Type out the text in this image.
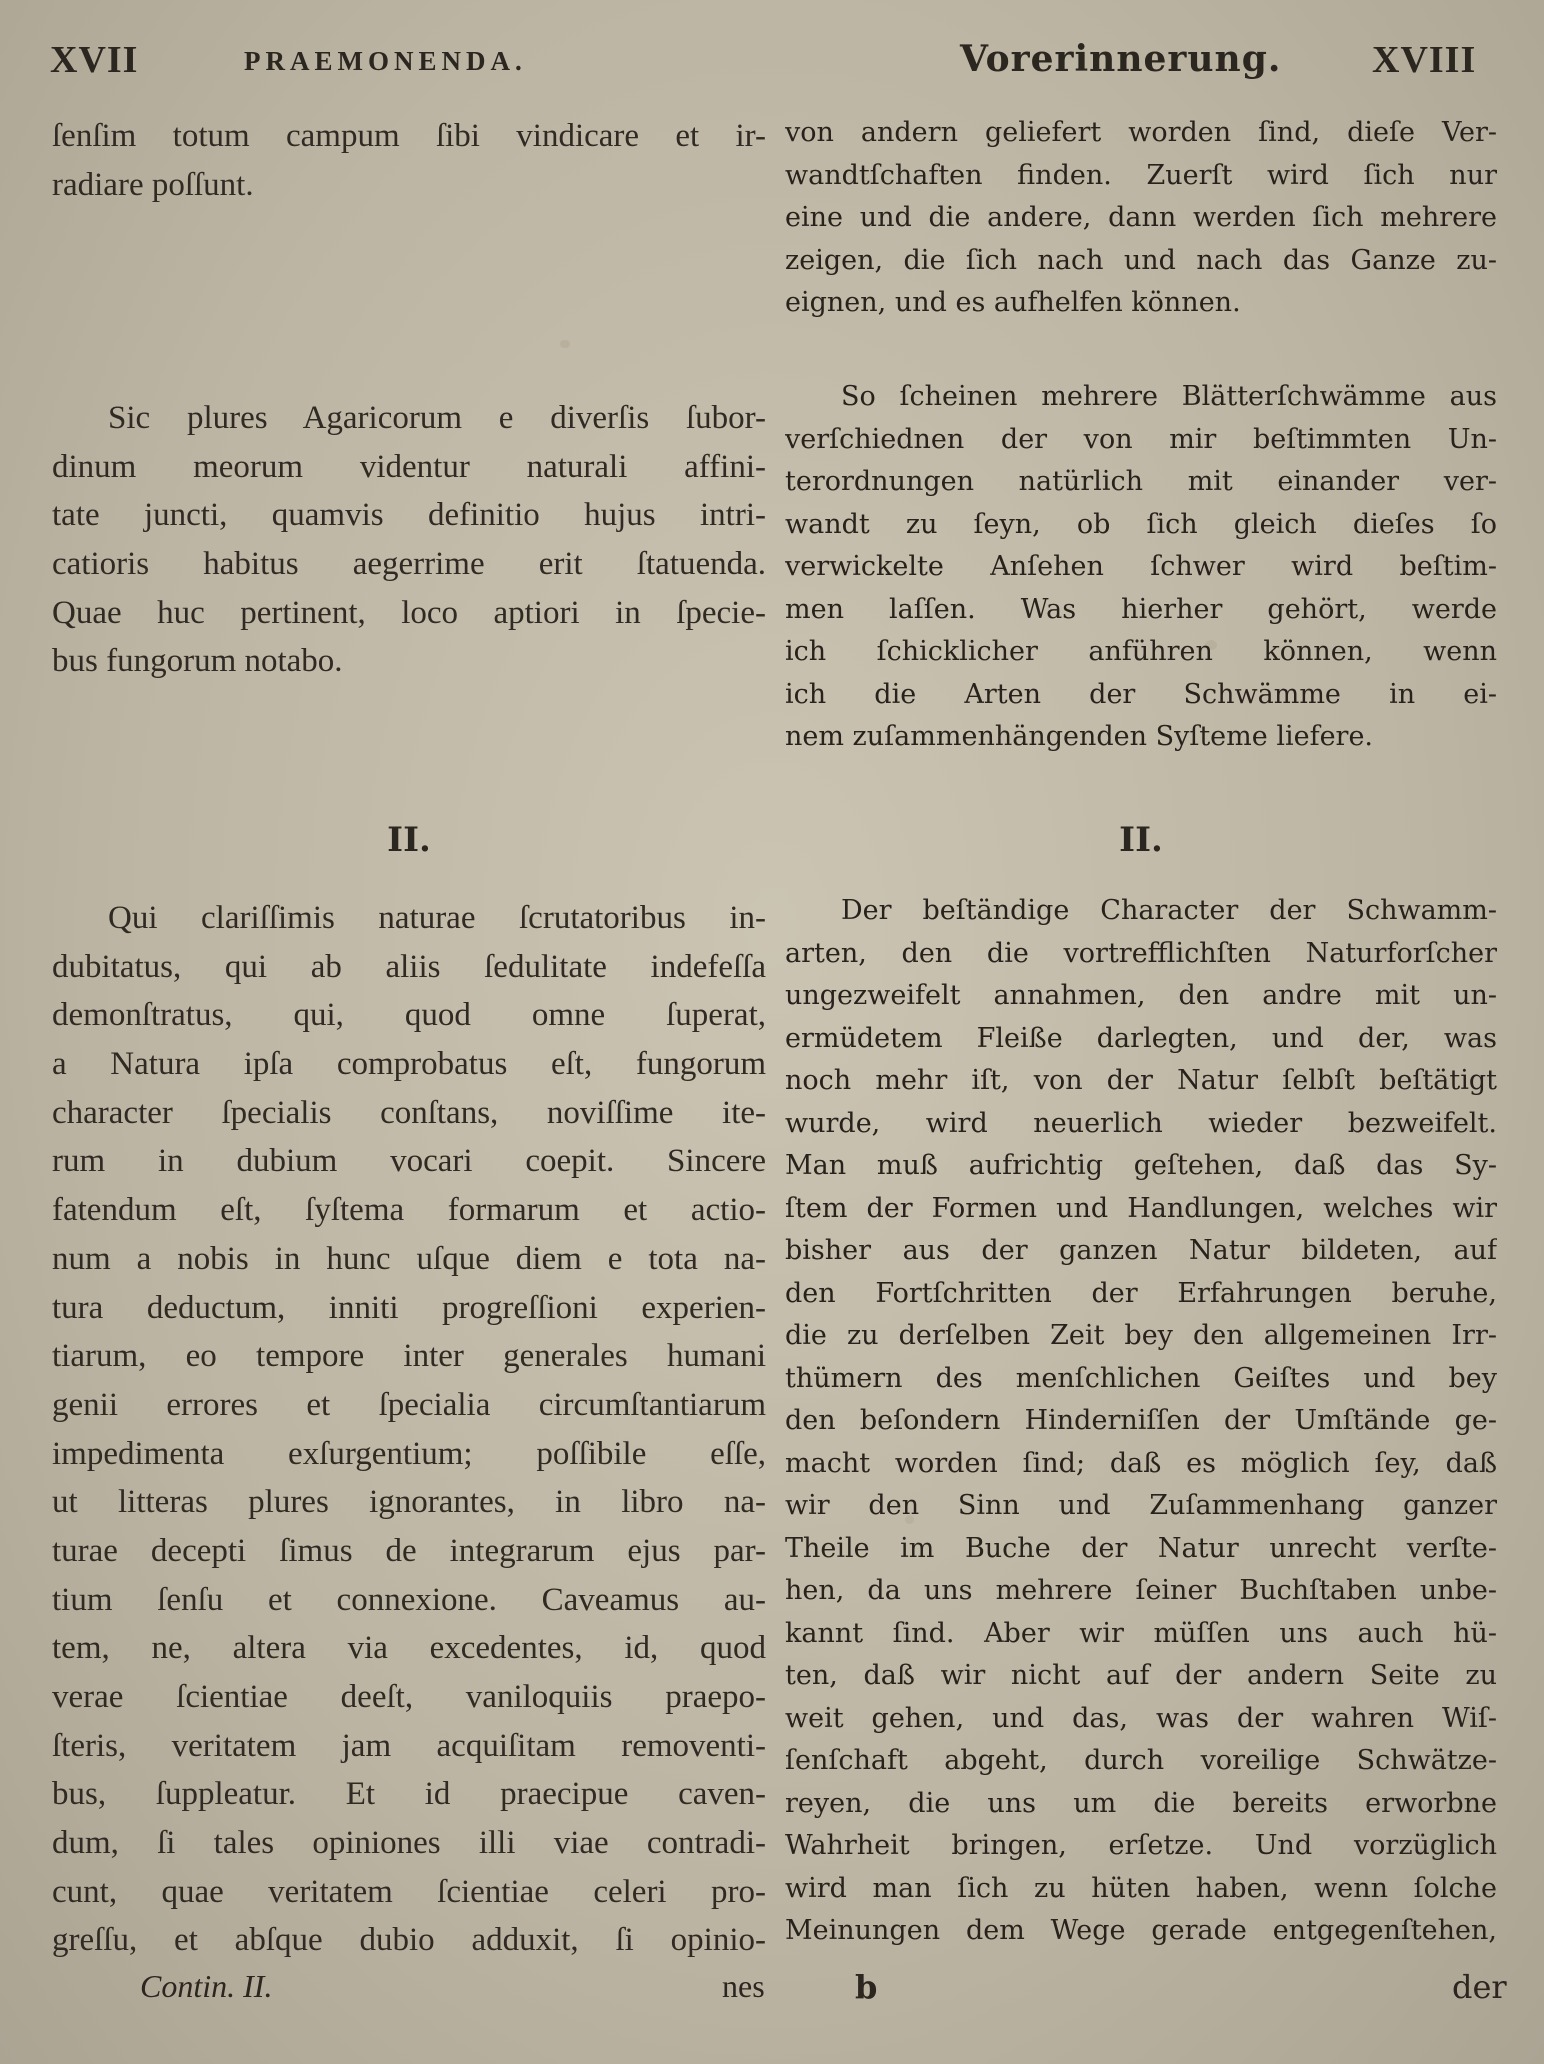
XVII	PRAEMONENDA.	Vorerinnerung. XVIII
ſenſim totum campum ſibi vindicare et ir-
radiare poſſunt.
Sic plures Agaricorum e diverſis ſubor-
dinum meorum videntur naturali affini-
tate juncti, quamvis definitio hujus intri-
catioris habitus aegerrime erit ſtatuenda.
Quae huc pertinent, loco aptiori in ſpecie-
bus fungorum notabo.
II.
Qui clariſſimis naturae ſcrutatoribus in-
dubitatus, qui ab aliis ſedulitate indefeſſa
demonſtratus, qui, quod omne ſuperat,
a Natura ipſa comprobatus eſt, fungorum
character ſpecialis conſtans, noviſſime ite-
rum in dubium vocari coepit. Sincere
fatendum eſt, ſyſtema formarum et actio-
num a nobis in hunc uſque diem e tota na-
tura deductum, inniti progreſſioni experien-
tiarum, eo tempore inter generales humani
genii errores et ſpecialia circumſtantiarum
impedimenta exſurgentium; poſſibile eſſe,
ut litteras plures ignorantes, in libro na-
turae decepti ſimus de integrarum ejus par-
tium ſenſu et connexione. Caveamus au-
tem, ne, altera via excedentes, id, quod
verae ſcientiae deeſt, vaniloquiis praepo-
ſteris, veritatem jam acquiſitam removenti-
bus, ſuppleatur. Et id praecipue caven-
dum, ſi tales opiniones illi viae contradi-
cunt, quae veritatem ſcientiae celeri pro-
greſſu, et abſque dubio adduxit, ſi opinio-
von andern geliefert worden ſind, dieſe Ver-
wandtſchaften finden. Zuerſt wird ſich nur
eine und die andere, dann werden ſich mehrere
zeigen, die ſich nach und nach das Ganze zu-
eignen, und es aufhelfen können.
So ſcheinen mehrere Blätterſchwämme aus
verſchiednen der von mir beſtimmten Un-
terordnungen natürlich mit einander ver-
wandt zu ſeyn, ob ſich gleich dieſes ſo
verwickelte Anſehen ſchwer wird beſtim-
men laſſen. Was hierher gehört, werde
ich ſchicklicher anführen können, wenn
ich die Arten der Schwämme in ei-
nem zuſammenhängenden Syſteme liefere.
II.
Der beſtändige Character der Schwamm-
arten, den die vortrefflichſten Naturforſcher
ungezweifelt annahmen, den andre mit un-
ermüdetem Fleiße darlegten, und der, was
noch mehr iſt, von der Natur ſelbſt beſtätigt
wurde, wird neuerlich wieder bezweifelt.
Man muß aufrichtig geſtehen, daß das Sy-
ſtem der Formen und Handlungen, welches wir
bisher aus der ganzen Natur bildeten, auf
den Fortſchritten der Erfahrungen beruhe,
die zu derſelben Zeit bey den allgemeinen Irr-
thümern des menſchlichen Geiſtes und bey
den beſondern Hinderniſſen der Umſtände ge-
macht worden ſind; daß es möglich ſey, daß
wir den Sinn und Zuſammenhang ganzer
Theile im Buche der Natur unrecht verſte-
hen, da uns mehrere ſeiner Buchſtaben unbe-
kannt ſind. Aber wir müſſen uns auch hü-
ten, daß wir nicht auf der andern Seite zu
weit gehen, und das, was der wahren Wiſ-
ſenſchaft abgeht, durch voreilige Schwätze-
reyen, die uns um die bereits erworbne
Wahrheit bringen, erſetze. Und vorzüglich
wird man ſich zu hüten haben, wenn ſolche
Meinungen dem Wege gerade entgegenſtehen,
Contin. II.	nes	b	der
